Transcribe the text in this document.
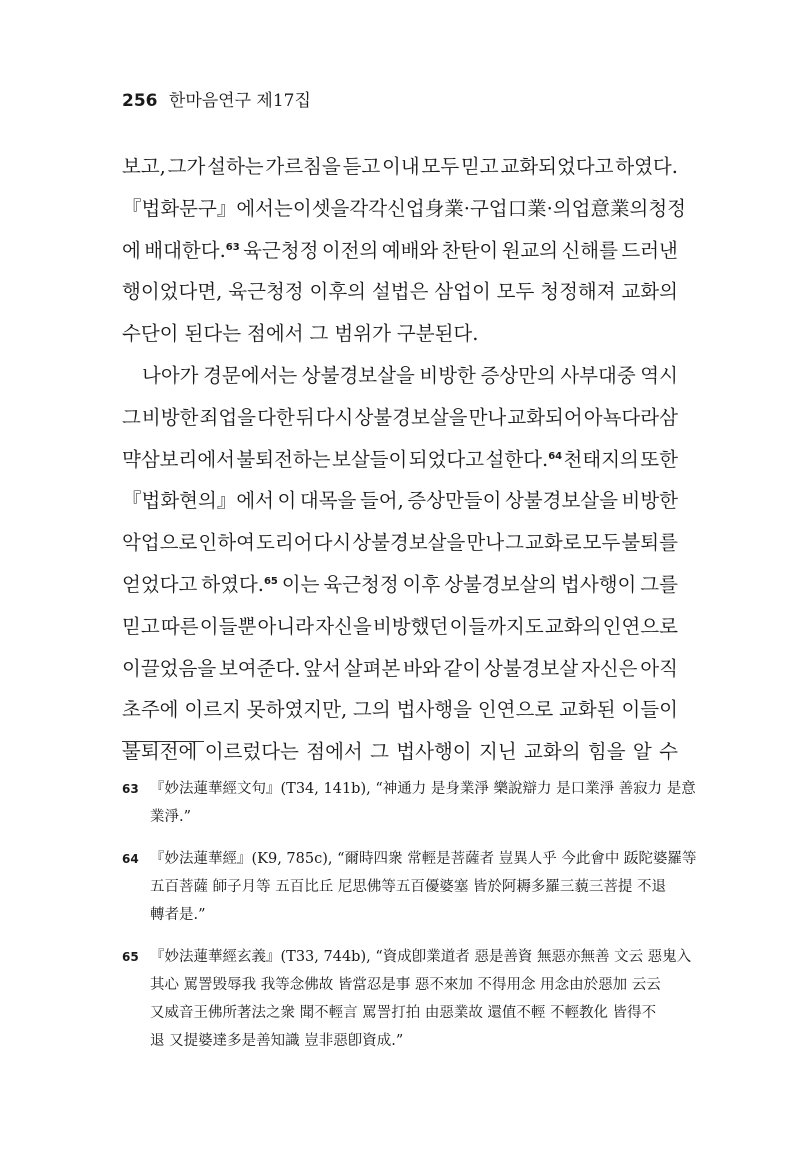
256 한마음연구 제17집
보고, 그가 설하는 가르침을 듣고 이내 모두 믿고 교화되었다고 하였다.
『법화문구』에서는 이 셋을 각각 신업身業·구업口業·의업意業의 청정
에 배대한다.$^{63}$ 육근청정 이전의 예배와 찬탄이 원교의 신해를 드러낸
행이었다면, 육근청정 이후의 설법은 삼업이 모두 청정해져 교화의
수단이 된다는 점에서 그 범위가 구분된다.
나아가 경문에서는 상불경보살을 비방한 증상만의 사부대중 역시
그 비방한 죄업을 다한 뒤 다시 상불경보살을 만나 교화되어 아뇩다라삼
먁삼보리에서 불퇴전하는 보살들이 되었다고 설한다.$^{64}$ 천태지의 또한
『법화현의』에서 이 대목을 들어, 증상만들이 상불경보살을 비방한
악업으로 인하여 도리어 다시 상불경보살을 만나 그 교화로 모두 불퇴를
얻었다고 하였다.$^{65}$ 이는 육근청정 이후 상불경보살의 법사행이 그를
믿고 따른 이들뿐 아니라 자신을 비방했던 이들까지도 교화의 인연으로
이끌었음을 보여준다. 앞서 살펴본 바와 같이 상불경보살 자신은 아직
초주에 이르지 못하였지만, 그의 법사행을 인연으로 교화된 이들이
불퇴전에 이르렀다는 점에서 그 법사행이 지닌 교화의 힘을 알 수
63 『妙法蓮華經文句』(T34, 141b), “神通力 是身業淨 樂說辯力 是口業淨 善寂力 是意
業淨.”
64 『妙法蓮華經』(K9, 785c), “爾時四衆 常輕是菩薩者 豈異人乎 今此會中 䟦陀婆羅等
五百菩薩 師子月等 五百比丘 尼思佛等五百優婆塞 皆於阿耨多羅三藐三菩提 不退
轉者是.”
65 『妙法蓮華經玄義』(T33, 744b), “資成卽業道者 惡是善資 無惡亦無善 文云 惡鬼入
其心 罵詈毁辱我 我等念佛故 皆當忍是事 惡不來加 不得用念 用念由於惡加 云云
又威音王佛所著法之衆 聞不輕言 罵詈打拍 由惡業故 還值不輕 不輕教化 皆得不
退 又提婆達多是善知識 豈非惡卽資成.”
